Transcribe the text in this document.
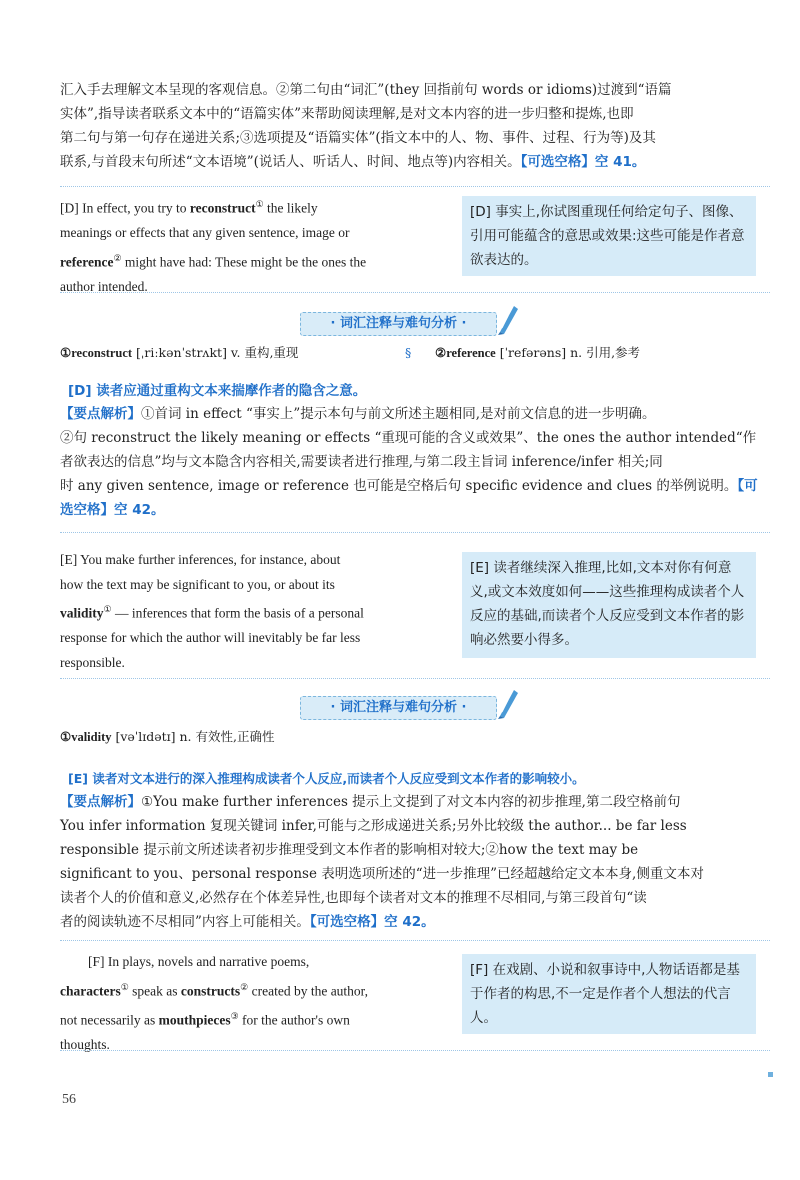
汇入手去理解文本呈现的客观信息。②第二句由“词汇”(they 回指前句 words or idioms)过渡到“语篇

实体”,指导读者联系文本中的“语篇实体”来帮助阅读理解,是对文本内容的进一步归整和提炼,也即

第二句与第一句存在递进关系;③选项提及“语篇实体”(指文本中的人、物、事件、过程、行为等)及其

联系,与首段末句所述“文本语境”(说话人、听话人、时间、地点等)内容相关。【可选空格】空 41。

[D] In effect, you try to reconstruct① the likely
meanings or effects that any given sentence, image or
reference② might have had: These might be the ones the
author intended.
[D] 事实上,你试图重现任何给定句子、图像、引用可能蕴含的意思或效果:这些可能是作者意欲表达的。
· 词汇注释与难句分析 ·
①reconstruct [ˌriːkənˈstrʌkt] v. 重构,重现	§ ②reference [ˈrefərəns] n. 引用,参考
[D] 读者应通过重构文本来揣摩作者的隐含之意。

【要点解析】①首词 in effect “事实上”提示本句与前文所述主题相同,是对前文信息的进一步明确。

②句 reconstruct the likely meaning or effects “重现可能的含义或效果”、the ones the author intended“作

者欲表达的信息”均与文本隐含内容相关,需要读者进行推理,与第二段主旨词 inference/infer 相关;同

时 any given sentence, image or reference 也可能是空格后句 specific evidence and clues 的举例说明。【可

选空格】空 42。

[E] You make further inferences, for instance, about
how the text may be significant to you, or about its
validity① — inferences that form the basis of a personal
response for which the author will inevitably be far less
responsible.
[E] 读者继续深入推理,比如,文本对你有何意义,或文本效度如何——这些推理构成读者个人反应的基础,而读者个人反应受到文本作者的影响必然要小得多。
· 词汇注释与难句分析 ·
①validity [vəˈlɪdətɪ] n. 有效性,正确性
[E] 读者对文本进行的深入推理构成读者个人反应,而读者个人反应受到文本作者的影响较小。

【要点解析】①You make further inferences 提示上文提到了对文本内容的初步推理,第二段空格前句

You infer information 复现关键词 infer,可能与之形成递进关系;另外比较级 the author... be far less

responsible 提示前文所述读者初步推理受到文本作者的影响相对较大;②how the text may be

significant to you、personal response 表明选项所述的“进一步推理”已经超越给定文本本身,侧重文本对

读者个人的价值和意义,必然存在个体差异性,也即每个读者对文本的推理不尽相同,与第三段首句“读

者的阅读轨迹不尽相同”内容上可能相关。【可选空格】空 42。

[F] In plays, novels and narrative poems,
characters① speak as constructs② created by the author,
not necessarily as mouthpieces③ for the author's own
thoughts.
[F] 在戏剧、小说和叙事诗中,人物话语都是基于作者的构思,不一定是作者个人想法的代言人。
56
